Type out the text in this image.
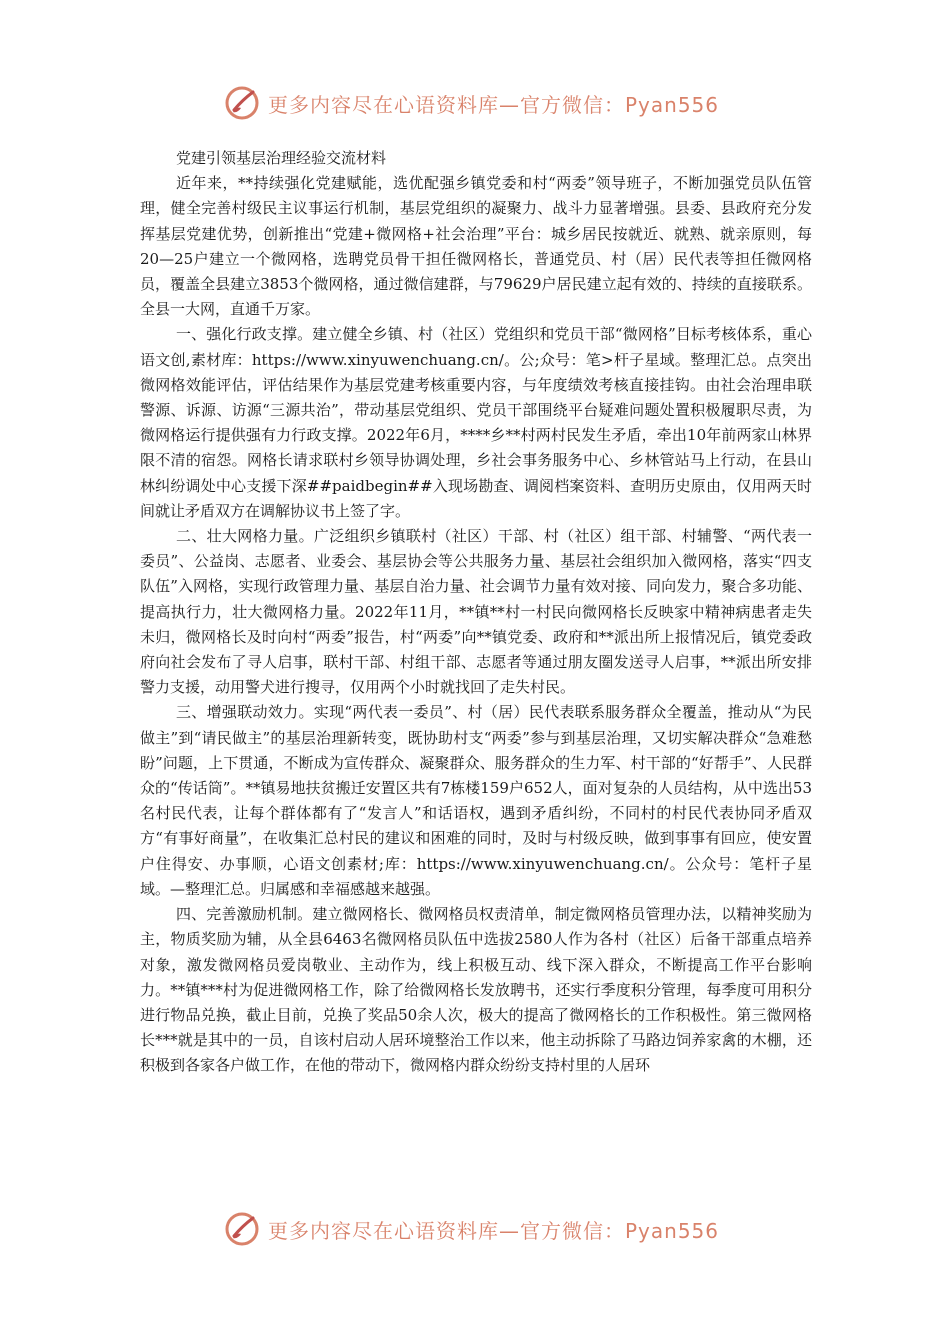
更多内容尽在心语资料库—官方微信：Pyan556

党建引领基层治理经验交流材料

近年来，**持续强化党建赋能，选优配强乡镇党委和村“两委”领导班子，不断加强党员队伍管理，健全完善村级民主议事运行机制，基层党组织的凝聚力、战斗力显著增强。县委、县政府充分发挥基层党建优势，创新推出“党建+微网格+社会治理”平台：城乡居民按就近、就熟、就亲原则，每20—25户建立一个微网格，选聘党员骨干担任微网格长，普通党员、村（居）民代表等担任微网格员，覆盖全县建立3853个微网格，通过微信建群，与79629户居民建立起有效的、持续的直接联系。全县一大网，直通千万家。

一、强化行政支撑。建立健全乡镇、村（社区）党组织和党员干部“微网格”目标考核体系，重心语文创,素材库：https://www.xinyuwenchuang.cn/。公;众号：笔>杆子星域。整理汇总。点突出微网格效能评估，评估结果作为基层党建考核重要内容，与年度绩效考核直接挂钩。由社会治理串联警源、诉源、访源“三源共治”，带动基层党组织、党员干部围绕平台疑难问题处置积极履职尽责，为微网格运行提供强有力行政支撑。2022年6月，****乡**村两村民发生矛盾，牵出10年前两家山林界限不清的宿怨。网格长请求联村乡领导协调处理，乡社会事务服务中心、乡林管站马上行动，在县山林纠纷调处中心支援下深##paidbegin##入现场勘查、调阅档案资料、查明历史原由，仅用两天时间就让矛盾双方在调解协议书上签了字。

二、壮大网格力量。广泛组织乡镇联村（社区）干部、村（社区）组干部、村辅警、“两代表一委员”、公益岗、志愿者、业委会、基层协会等公共服务力量、基层社会组织加入微网格，落实“四支队伍”入网格，实现行政管理力量、基层自治力量、社会调节力量有效对接、同向发力，聚合多功能、提高执行力，壮大微网格力量。2022年11月，**镇**村一村民向微网格长反映家中精神病患者走失未归，微网格长及时向村“两委”报告，村“两委”向**镇党委、政府和**派出所上报情况后，镇党委政府向社会发布了寻人启事，联村干部、村组干部、志愿者等通过朋友圈发送寻人启事，**派出所安排警力支援，动用警犬进行搜寻，仅用两个小时就找回了走失村民。

三、增强联动效力。实现“两代表一委员”、村（居）民代表联系服务群众全覆盖，推动从“为民做主”到“请民做主”的基层治理新转变，既协助村支“两委”参与到基层治理，又切实解决群众“急难愁盼”问题，上下贯通，不断成为宣传群众、凝聚群众、服务群众的生力军、村干部的“好帮手”、人民群众的“传话筒”。**镇易地扶贫搬迁安置区共有7栋楼159户652人，面对复杂的人员结构，从中选出53名村民代表，让每个群体都有了“发言人”和话语权，遇到矛盾纠纷，不同村的村民代表协同矛盾双方“有事好商量”，在收集汇总村民的建议和困难的同时，及时与村级反映，做到事事有回应，使安置户住得安、办事顺，心语文创素材;库：https://www.xinyuwenchuang.cn/。公众号：笔杆子星域。—整理汇总。归属感和幸福感越来越强。

四、完善激励机制。建立微网格长、微网格员权责清单，制定微网格员管理办法，以精神奖励为主，物质奖励为辅，从全县6463名微网格员队伍中选拔2580人作为各村（社区）后备干部重点培养对象，激发微网格员爱岗敬业、主动作为，线上积极互动、线下深入群众，不断提高工作平台影响力。**镇***村为促进微网格工作，除了给微网格长发放聘书，还实行季度积分管理，每季度可用积分进行物品兑换，截止目前，兑换了奖品50余人次，极大的提高了微网格长的工作积极性。第三微网格长***就是其中的一员，自该村启动人居环境整治工作以来，他主动拆除了马路边饲养家禽的木棚，还积极到各家各户做工作，在他的带动下，微网格内群众纷纷支持村里的人居环

更多内容尽在心语资料库—官方微信：Pyan556
